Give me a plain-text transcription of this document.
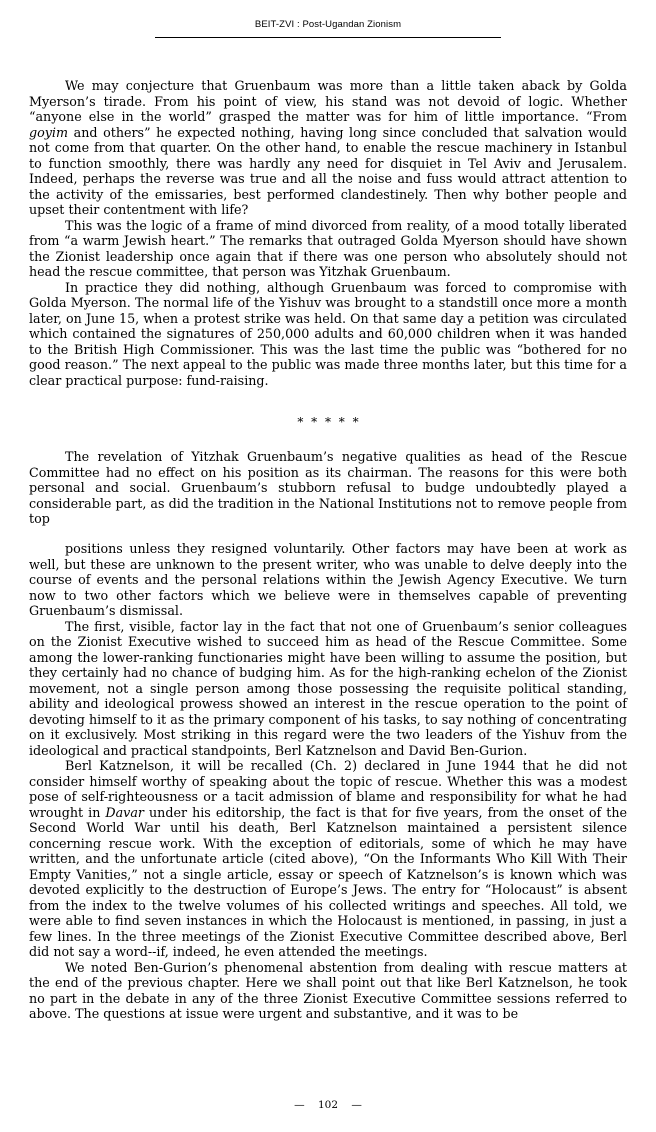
BEIT-ZVI : Post-Ugandan Zionism

We may conjecture that Gruenbaum was more than a little taken aback by Golda Myerson’s tirade. From his point of view, his stand was not devoid of logic. Whether “anyone else in the world” grasped the matter was for him of little importance. “From goyim and others” he expected nothing, having long since concluded that salvation would not come from that quarter. On the other hand, to enable the rescue machinery in Istanbul to function smoothly, there was hardly any need for disquiet in Tel Aviv and Jerusalem. Indeed, perhaps the reverse was true and all the noise and fuss would attract attention to the activity of the emissaries, best performed clandestinely. Then why bother people and upset their contentment with life?

This was the logic of a frame of mind divorced from reality, of a mood totally liberated from “a warm Jewish heart.” The remarks that outraged Golda Myerson should have shown the Zionist leadership once again that if there was one person who absolutely should not head the rescue committee, that person was Yitzhak Gruenbaum.

In practice they did nothing, although Gruenbaum was forced to compromise with Golda Myerson. The normal life of the Yishuv was brought to a standstill once more a month later, on June 15, when a protest strike was held. On that same day a petition was circulated which contained the signatures of 250,000 adults and 60,000 children when it was handed to the British High Commissioner. This was the last time the public was “bothered for no good reason.” The next appeal to the public was made three months later, but this time for a clear practical purpose: fund-raising.

* * * * *

The revelation of Yitzhak Gruenbaum’s negative qualities as head of the Rescue Committee had no effect on his position as its chairman. The reasons for this were both personal and social. Gruenbaum’s stubborn refusal to budge undoubtedly played a considerable part, as did the tradition in the National Institutions not to remove people from top

positions unless they resigned voluntarily. Other factors may have been at work as well, but these are unknown to the present writer, who was unable to delve deeply into the course of events and the personal relations within the Jewish Agency Executive. We turn now to two other factors which we believe were in themselves capable of preventing Gruenbaum’s dismissal.

The first, visible, factor lay in the fact that not one of Gruenbaum’s senior colleagues on the Zionist Executive wished to succeed him as head of the Rescue Committee. Some among the lower-ranking functionaries might have been willing to assume the position, but they certainly had no chance of budging him. As for the high-ranking echelon of the Zionist movement, not a single person among those possessing the requisite political standing, ability and ideological prowess showed an interest in the rescue operation to the point of devoting himself to it as the primary component of his tasks, to say nothing of concentrating on it exclusively. Most striking in this regard were the two leaders of the Yishuv from the ideological and practical standpoints, Berl Katznelson and David Ben-Gurion.

Berl Katznelson, it will be recalled (Ch. 2) declared in June 1944 that he did not consider himself worthy of speaking about the topic of rescue. Whether this was a modest pose of self-righteousness or a tacit admission of blame and responsibility for what he had wrought in Davar under his editorship, the fact is that for five years, from the onset of the Second World War until his death, Berl Katznelson maintained a persistent silence concerning rescue work. With the exception of editorials, some of which he may have written, and the unfortunate article (cited above), “On the Informants Who Kill With Their Empty Vanities,” not a single article, essay or speech of Katznelson’s is known which was devoted explicitly to the destruction of Europe’s Jews. The entry for “Holocaust” is absent from the index to the twelve volumes of his collected writings and speeches. All told, we were able to find seven instances in which the Holocaust is mentioned, in passing, in just a few lines. In the three meetings of the Zionist Executive Committee described above, Berl did not say a word--if, indeed, he even attended the meetings.

We noted Ben-Gurion’s phenomenal abstention from dealing with rescue matters at the end of the previous chapter. Here we shall point out that like Berl Katznelson, he took no part in the debate in any of the three Zionist Executive Committee sessions referred to above. The questions at issue were urgent and substantive, and it was to be

— 102 —
